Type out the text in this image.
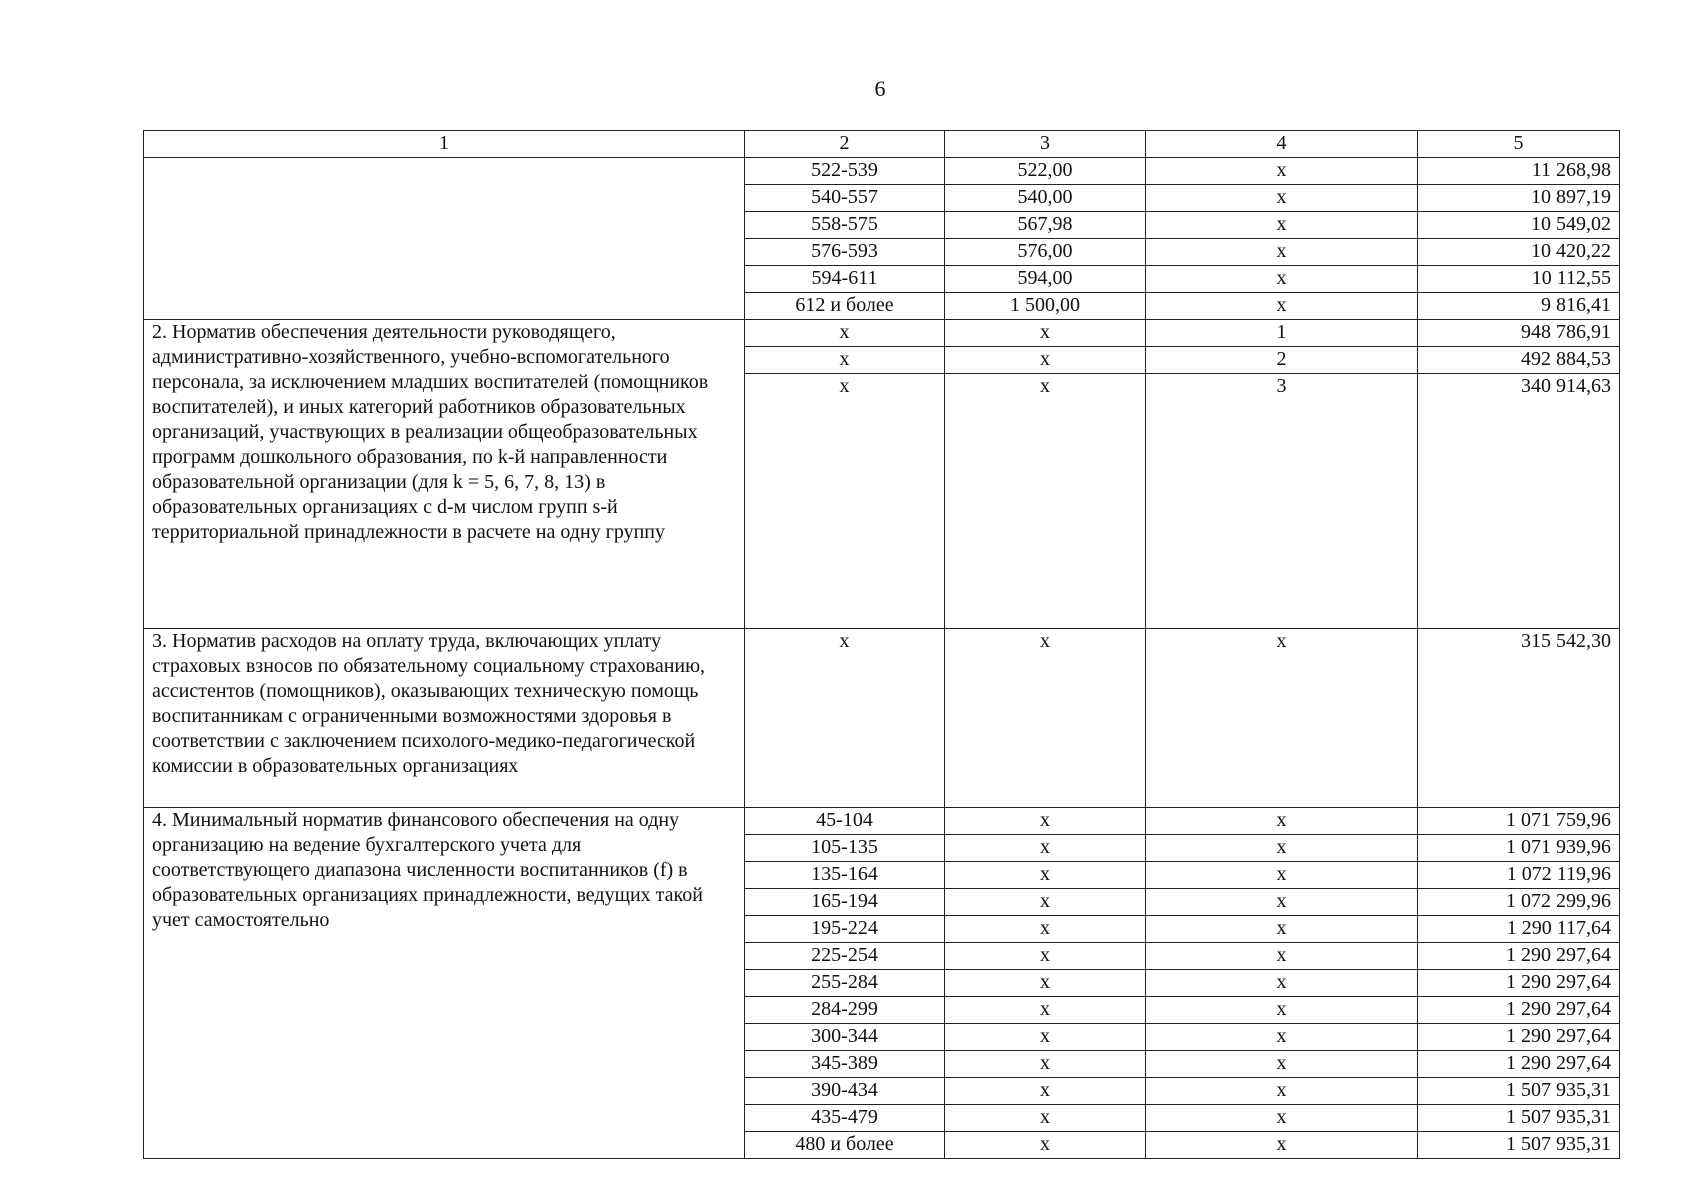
6
1	2	3	4	5
	522-539	522,00	х	11 268,98
	540-557	540,00	х	10 897,19
	558-575	567,98	х	10 549,02
	576-593	576,00	х	10 420,22
	594-611	594,00	х	10 112,55
	612 и более	1 500,00	х	9 816,41
2. Норматив обеспечения деятельности руководящего, административно-хозяйственного, учебно-вспомогательного персонала, за исключением младших воспитателей (помощников воспитателей), и иных категорий работников образовательных организаций, участвующих в реализации общеобразовательных программ дошкольного образования, по k-й направленности образовательной организации (для k = 5, 6, 7, 8, 13) в образовательных организациях с d-м числом групп s-й территориальной принадлежности в расчете на одну группу	х	х	1	948 786,91
	х	х	2	492 884,53
	х	х	3	340 914,63
3. Норматив расходов на оплату труда, включающих уплату страховых взносов по обязательному социальному страхованию, ассистентов (помощников), оказывающих техническую помощь воспитанникам с ограниченными возможностями здоровья в соответствии с заключением психолого-медико-педагогической комиссии в образовательных организациях	х	х	х	315 542,30
4. Минимальный норматив финансового обеспечения на одну организацию на ведение бухгалтерского учета для соответствующего диапазона численности воспитанников (f) в образовательных организациях принадлежности, ведущих такой учет самостоятельно	45-104	х	х	1 071 759,96
	105-135	х	х	1 071 939,96
	135-164	х	х	1 072 119,96
	165-194	х	х	1 072 299,96
	195-224	х	х	1 290 117,64
	225-254	х	х	1 290 297,64
	255-284	х	х	1 290 297,64
	284-299	х	х	1 290 297,64
	300-344	х	х	1 290 297,64
	345-389	х	х	1 290 297,64
	390-434	х	х	1 507 935,31
	435-479	х	х	1 507 935,31
	480 и более	х	х	1 507 935,31
